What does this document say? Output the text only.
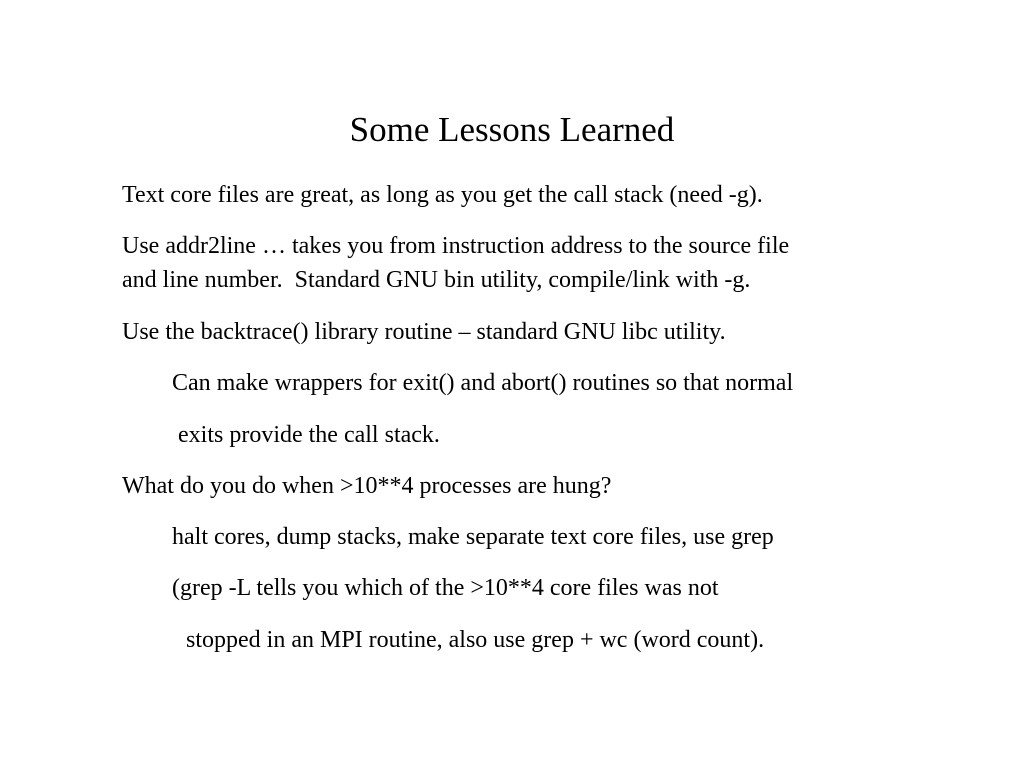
Some Lessons Learned
Text core files are great, as long as you get the call stack (need -g).
Use addr2line … takes you from instruction address to the source file
and line number.  Standard GNU bin utility, compile/link with -g.
Use the backtrace() library routine – standard GNU libc utility.
Can make wrappers for exit() and abort() routines so that normal
exits provide the call stack.
What do you do when >10**4 processes are hung?
halt cores, dump stacks, make separate text core files, use grep
(grep -L tells you which of the >10**4 core files was not
stopped in an MPI routine, also use grep + wc (word count).
